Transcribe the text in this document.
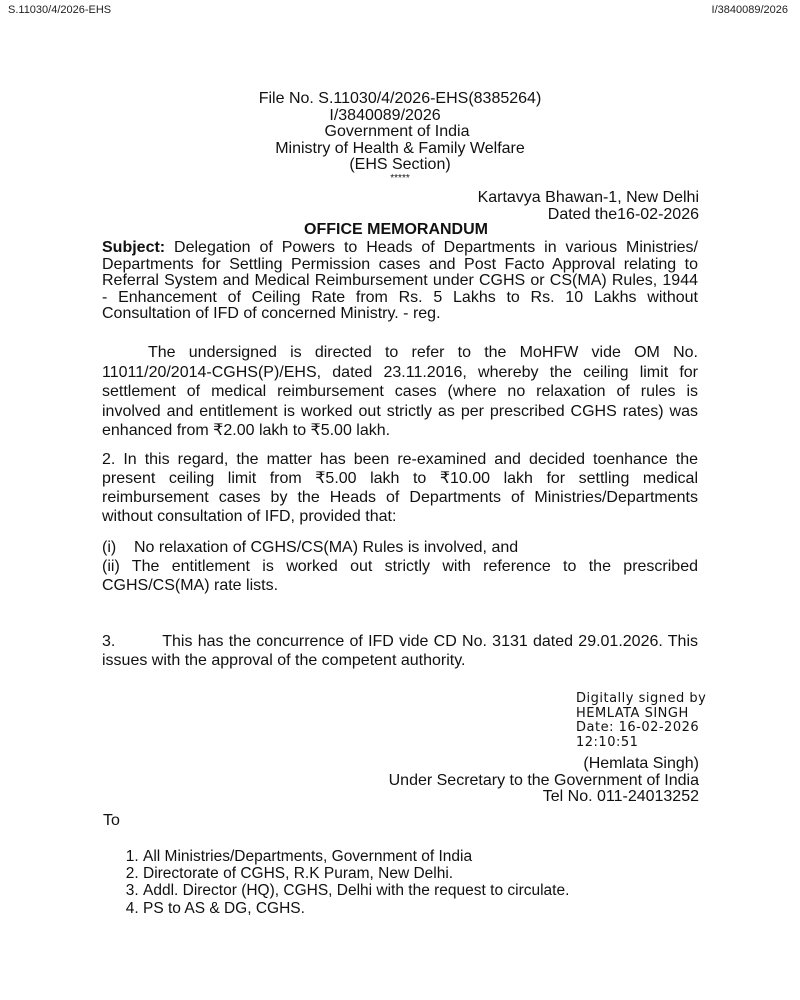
S.11030/4/2026-EHS	I/3840089/2026
File No. S.11030/4/2026-EHS(8385264)
I/3840089/2026
Government of India
Ministry of Health & Family Welfare
(EHS Section)
*****
Kartavya Bhawan-1, New Delhi
Dated the16-02-2026
OFFICE MEMORANDUM
Subject: Delegation of Powers to Heads of Departments in various Ministries/
Departments for Settling Permission cases and Post Facto Approval relating to
Referral System and Medical Reimbursement under CGHS or CS(MA) Rules, 1944
- Enhancement of Ceiling Rate from Rs. 5 Lakhs to Rs. 10 Lakhs without
Consultation of IFD of concerned Ministry. - reg.
The undersigned is directed to refer to the MoHFW vide OM No.
11011/20/2014-CGHS(P)/EHS, dated 23.11.2016, whereby the ceiling limit for
settlement of medical reimbursement cases (where no relaxation of rules is
involved and entitlement is worked out strictly as per prescribed CGHS rates) was
enhanced from ₹2.00 lakh to ₹5.00 lakh.
2. In this regard, the matter has been re-examined and decided toenhance the
present ceiling limit from ₹5.00 lakh to ₹10.00 lakh for settling medical
reimbursement cases by the Heads of Departments of Ministries/Departments
without consultation of IFD, provided that:
(i)    No relaxation of CGHS/CS(MA) Rules is involved, and
(ii) The entitlement is worked out strictly with reference to the prescribed
CGHS/CS(MA) rate lists.
3.         This has the concurrence of IFD vide CD No. 3131 dated 29.01.2026. This
issues with the approval of the competent authority.
Digitally signed by
HEMLATA SINGH
Date: 16-02-2026
12:10:51
(Hemlata Singh)
Under Secretary to the Government of India
Tel No. 011-24013252
To
1. All Ministries/Departments, Government of India
2. Directorate of CGHS, R.K Puram, New Delhi.
3. Addl. Director (HQ), CGHS, Delhi with the request to circulate.
4. PS to AS & DG, CGHS.
